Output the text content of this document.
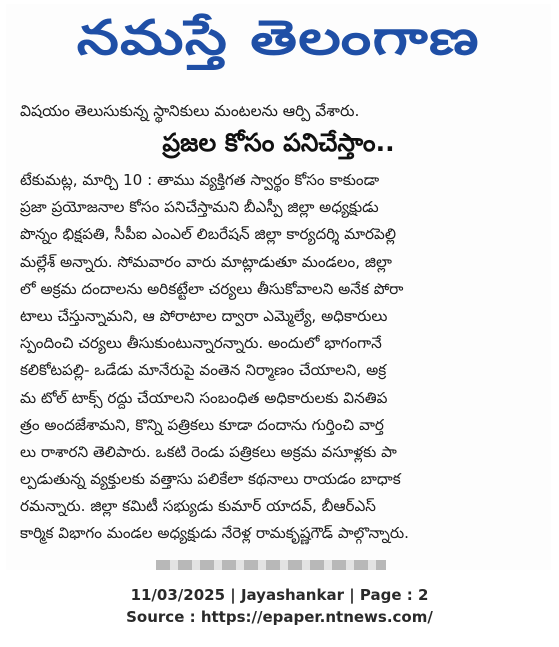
నమస్తే తెలంగాణ
విషయం తెలుసుకున్న స్థానికులు మంటలను ఆర్పి వేశారు.
ప్రజల కోసం పనిచేస్తాం..
టేకుమట్ల, మార్చి 10 : తాము వ్యక్తిగత స్వార్థం కోసం కాకుండా
ప్రజా ప్రయోజనాల కోసం పనిచేస్తామని బీఎస్పీ జిల్లా అధ్యక్షుడు
పొన్నం భిక్షపతి, సీపీఐ ఎంఎల్ లిబరేషన్ జిల్లా కార్యదర్శి మారపెల్లి
మల్లేశ్ అన్నారు. సోమవారం వారు మాట్లాడుతూ మండలం, జిల్లా
లో అక్రమ దందాలను అరికట్టేలా చర్యలు తీసుకోవాలని అనేక పోరా
టాలు చేస్తున్నామని, ఆ పోరాటాల ద్వారా ఎమ్మెల్యే, అధికారులు
స్పందించి చర్యలు తీసుకుంటున్నారన్నారు. అందులో భాగంగానే
కలికోటపల్లి- ఒడేడు మానేరుపై వంతెన నిర్మాణం చేయాలని, అక్ర
మ టోల్ టాక్స్ రద్దు చేయాలని సంబంధిత అధికారులకు వినతిప
త్రం అందజేశామని, కొన్ని పత్రికలు కూడా దందాను గుర్తించి వార్త
లు రాశారని తెలిపారు. ఒకటి రెండు పత్రికలు అక్రమ వసూళ్లకు పా
ల్పడుతున్న వ్యక్తులకు వత్తాసు పలికేలా కథనాలు రాయడం బాధాక
రమన్నారు. జిల్లా కమిటీ సభ్యుడు కుమార్ యాదవ్, బీఆర్ఎస్
కార్మిక విభాగం మండల అధ్యక్షుడు నేరెళ్ల రామకృష్ణగౌడ్ పాల్గొన్నారు.
11/03/2025 | Jayashankar | Page : 2
Source : https://epaper.ntnews.com/
